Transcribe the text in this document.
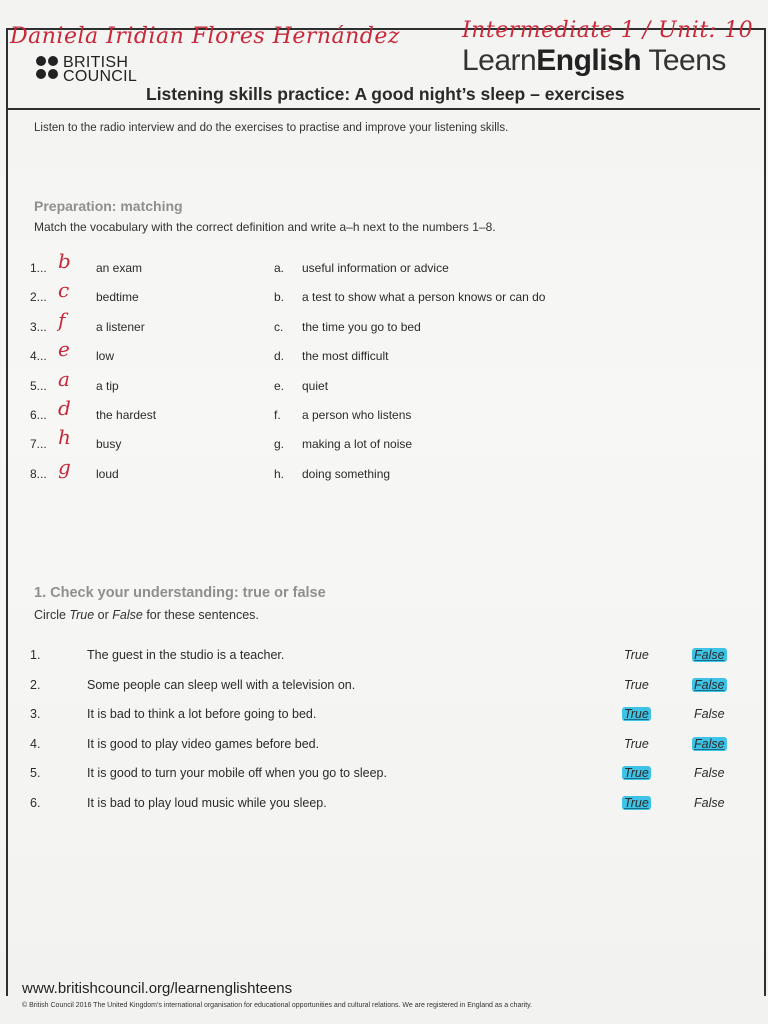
Daniela Iridian Flores Hernández	Intermediate 1 / Unit: 10
BRITISH
COUNCIL	LearnEnglish Teens
Listening skills practice: A good night’s sleep – exercises
Listen to the radio interview and do the exercises to practise and improve your listening skills.
Preparation: matching
Match the vocabulary with the correct definition and write a–h next to the numbers 1–8.
1... b an exam	a. useful information or advice
2... c bedtime	b. a test to show what a person knows or can do
3... f	a listener	c. the time you go to bed
4... e low	d. the most difficult
5... a a tip	e. quiet
6... d the hardest	f. a person who listens
7... h busy	g. making a lot of noise
8... g loud	h. doing something
1. Check your understanding: true or false
Circle True or False for these sentences.
1.	The guest in the studio is a teacher.	True	False
2.	Some people can sleep well with a television on.	True	False
3.	It is bad to think a lot before going to bed.	True	False
4.	It is good to play video games before bed.	True	False
5.	It is good to turn your mobile off when you go to sleep.	True	False
6.	It is bad to play loud music while you sleep.	True	False
www.britishcouncil.org/learnenglishteens
© British Council 2016 The United Kingdom’s international organisation for educational opportunities and cultural relations. We are registered in England as a charity.
